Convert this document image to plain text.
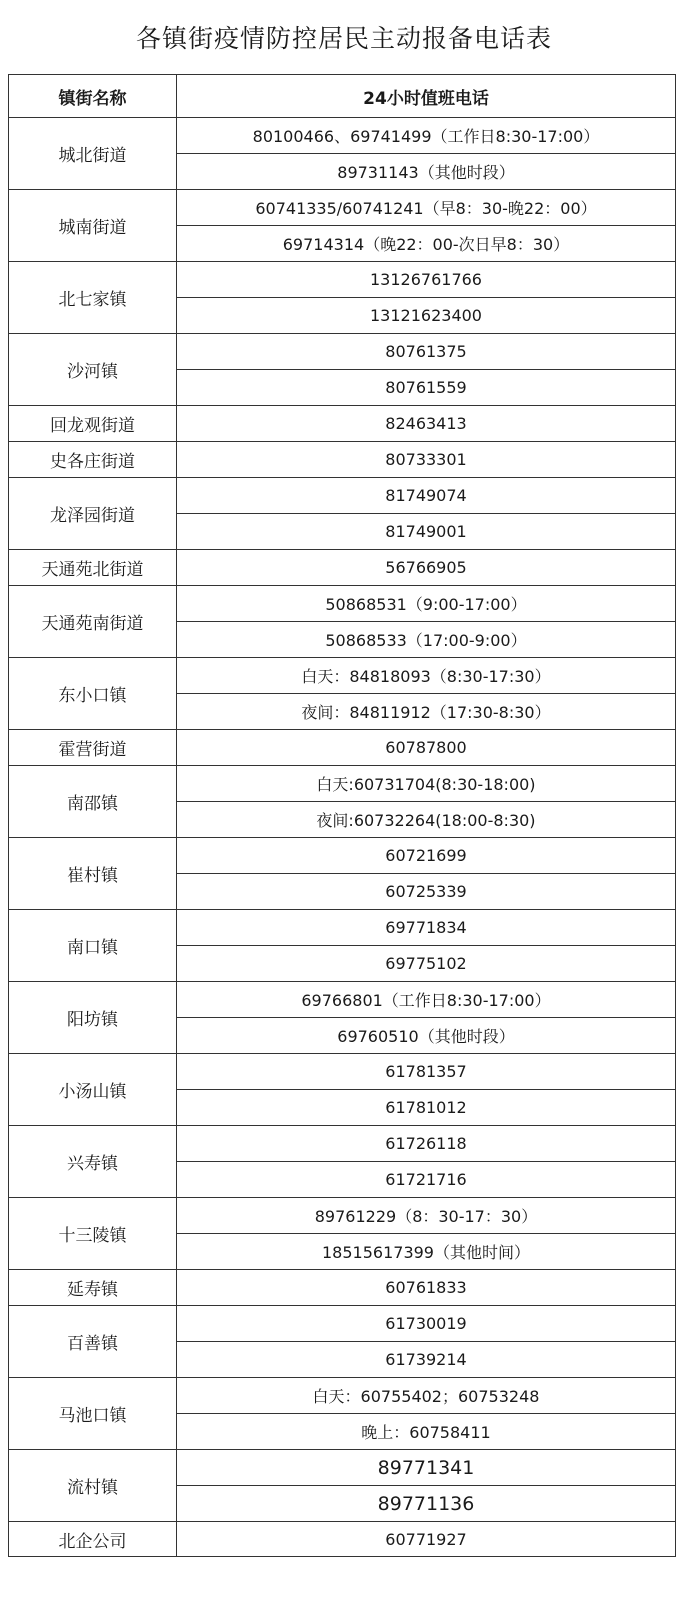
各镇街疫情防控居民主动报备电话表
镇街名称	24小时值班电话
城北街道	80100466、69741499（工作日8:30-17:00）
	89731143（其他时段）
城南街道	60741335/60741241（早8：30-晚22：00）
	69714314（晚22：00-次日早8：30）
北七家镇	13126761766
	13121623400
沙河镇	80761375
	80761559
回龙观街道	82463413
史各庄街道	80733301
龙泽园街道	81749074
	81749001
天通苑北街道	56766905
天通苑南街道	50868531（9:00-17:00）
	50868533（17:00-9:00）
东小口镇	白天：84818093（8:30-17:30）
	夜间：84811912（17:30-8:30）
霍营街道	60787800
南邵镇	白天:60731704(8:30-18:00)
	夜间:60732264(18:00-8:30)
崔村镇	60721699
	60725339
南口镇	69771834
	69775102
阳坊镇	69766801（工作日8:30-17:00）
	69760510（其他时段）
小汤山镇	61781357
	61781012
兴寿镇	61726118
	61721716
十三陵镇	89761229（8：30-17：30）
	18515617399（其他时间）
延寿镇	60761833
百善镇	61730019
	61739214
马池口镇	白天：60755402；60753248
	晚上：60758411
流村镇	89771341
	89771136
北企公司	60771927
